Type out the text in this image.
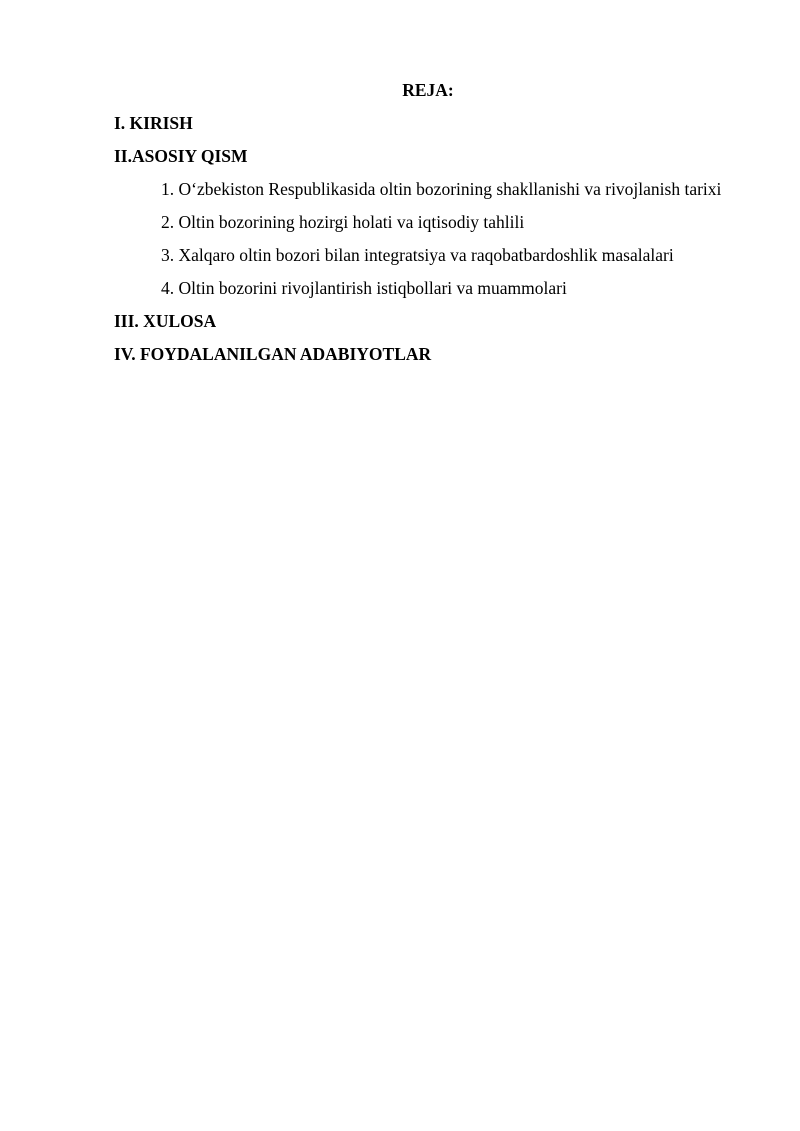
REJA:

I. KIRISH

II.ASOSIY QISM

1. O‘zbekiston Respublikasida oltin bozorining shakllanishi va rivojlanish tarixi

2. Oltin bozorining hozirgi holati va iqtisodiy tahlili

3. Xalqaro oltin bozori bilan integratsiya va raqobatbardoshlik masalalari

4. Oltin bozorini rivojlantirish istiqbollari va muammolari

III. XULOSA

IV. FOYDALANILGAN ADABIYOTLAR
